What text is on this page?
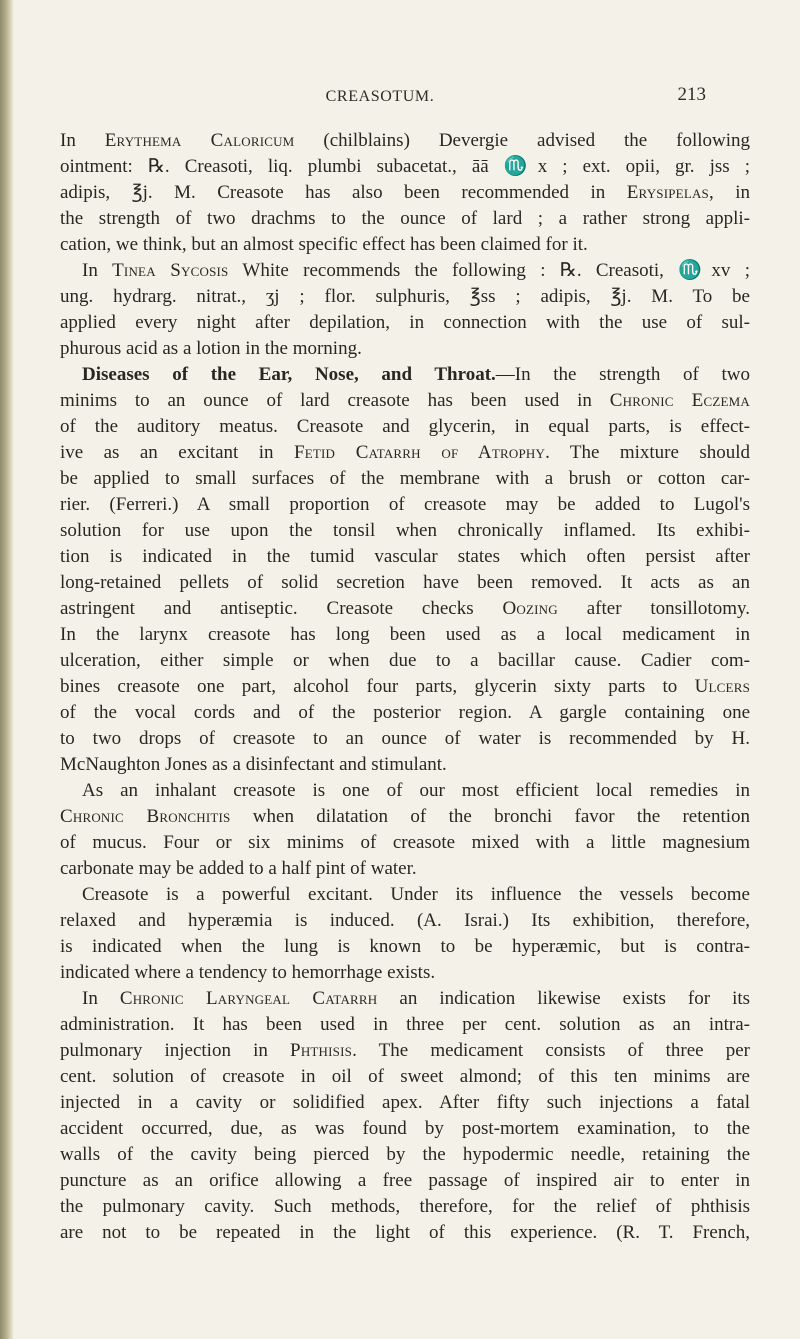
CREASOTUM.	213
In Erythema Caloricum (chilblains) Devergie advised the following
ointment: ℞. Creasoti, liq. plumbi subacetat., āā ♏x ; ext. opii, gr. jss ;
adipis, ℥j. M. Creasote has also been recommended in Erysipelas, in
the strength of two drachms to the ounce of lard ; a rather strong appli-
cation, we think, but an almost specific effect has been claimed for it.
In Tinea Sycosis White recommends the following : ℞. Creasoti, ♏xv ;
ung. hydrarg. nitrat., ʒj ; flor. sulphuris, ℥ss ; adipis, ℥j. M. To be
applied every night after depilation, in connection with the use of sul-
phurous acid as a lotion in the morning.
Diseases of the Ear, Nose, and Throat.—In the strength of two
minims to an ounce of lard creasote has been used in Chronic Eczema
of the auditory meatus. Creasote and glycerin, in equal parts, is effect-
ive as an excitant in Fetid Catarrh of Atrophy. The mixture should
be applied to small surfaces of the membrane with a brush or cotton car-
rier. (Ferreri.) A small proportion of creasote may be added to Lugol's
solution for use upon the tonsil when chronically inflamed. Its exhibi-
tion is indicated in the tumid vascular states which often persist after
long-retained pellets of solid secretion have been removed. It acts as an
astringent and antiseptic. Creasote checks Oozing after tonsillotomy.
In the larynx creasote has long been used as a local medicament in
ulceration, either simple or when due to a bacillar cause. Cadier com-
bines creasote one part, alcohol four parts, glycerin sixty parts to Ulcers
of the vocal cords and of the posterior region. A gargle containing one
to two drops of creasote to an ounce of water is recommended by H.
McNaughton Jones as a disinfectant and stimulant.
As an inhalant creasote is one of our most efficient local remedies in
Chronic Bronchitis when dilatation of the bronchi favor the retention
of mucus. Four or six minims of creasote mixed with a little magnesium
carbonate may be added to a half pint of water.
Creasote is a powerful excitant. Under its influence the vessels become
relaxed and hyperæmia is induced. (A. Israi.) Its exhibition, therefore,
is indicated when the lung is known to be hyperæmic, but is contra-
indicated where a tendency to hemorrhage exists.
In Chronic Laryngeal Catarrh an indication likewise exists for its
administration. It has been used in three per cent. solution as an intra-
pulmonary injection in Phthisis. The medicament consists of three per
cent. solution of creasote in oil of sweet almond; of this ten minims are
injected in a cavity or solidified apex. After fifty such injections a fatal
accident occurred, due, as was found by post-mortem examination, to the
walls of the cavity being pierced by the hypodermic needle, retaining the
puncture as an orifice allowing a free passage of inspired air to enter in
the pulmonary cavity. Such methods, therefore, for the relief of phthisis
are not to be repeated in the light of this experience. (R. T. French,
